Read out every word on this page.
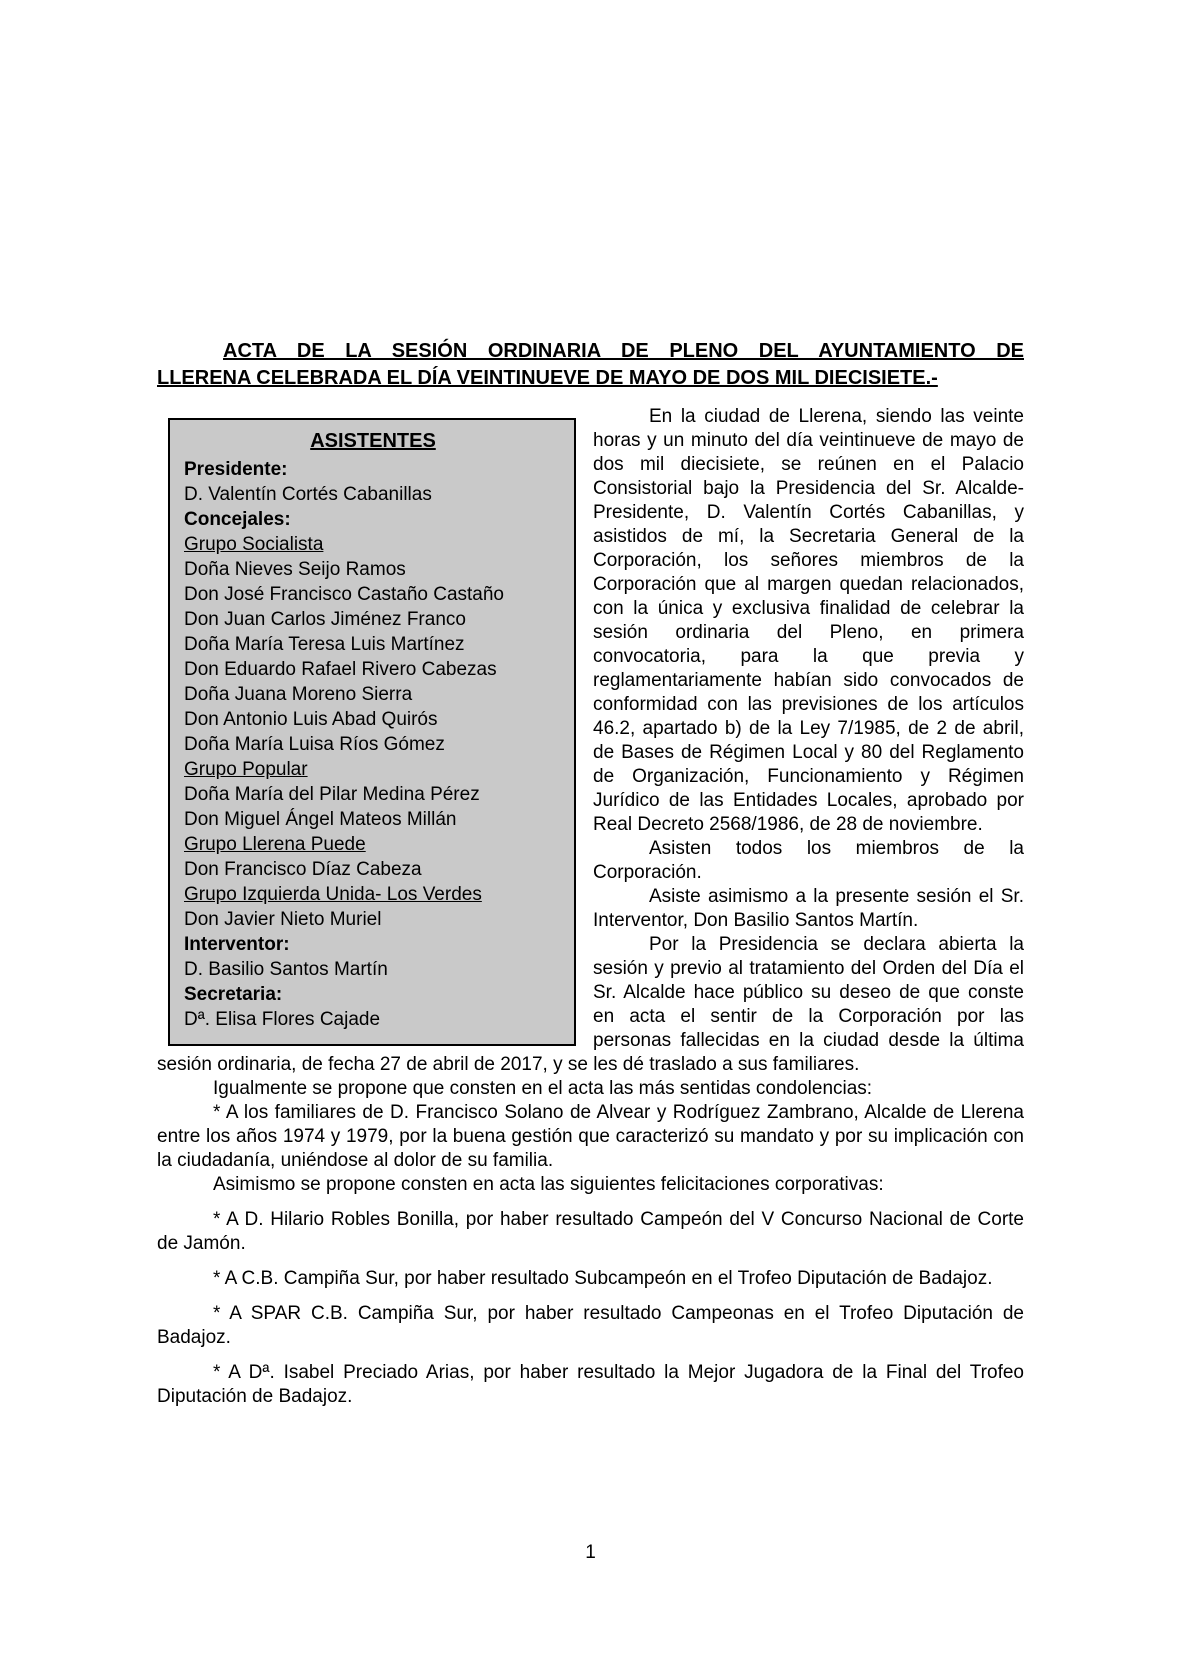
ACTA DE LA SESIÓN ORDINARIA DE PLENO DEL AYUNTAMIENTO DE
LLERENA CELEBRADA EL DÍA VEINTINUEVE DE MAYO DE DOS MIL DIECISIETE.-
ASISTENTES
Presidente:
D. Valentín Cortés Cabanillas
Concejales:
Grupo Socialista
Doña Nieves Seijo Ramos
Don José Francisco Castaño Castaño
Don Juan Carlos Jiménez Franco
Doña María Teresa Luis Martínez
Don Eduardo Rafael Rivero Cabezas
Doña Juana Moreno Sierra
Don Antonio Luis Abad Quirós
Doña María Luisa Ríos Gómez
Grupo Popular
Doña María del Pilar Medina Pérez
Don Miguel Ángel Mateos Millán
Grupo Llerena Puede
Don Francisco Díaz Cabeza
Grupo Izquierda Unida- Los Verdes
Don Javier Nieto Muriel
Interventor:
D. Basilio Santos Martín
Secretaria:
Dª. Elisa Flores Cajade

En la ciudad de Llerena, siendo las veinte horas y un minuto del día veintinueve de mayo de dos mil diecisiete, se reúnen en el Palacio Consistorial bajo la Presidencia del Sr. Alcalde-Presidente, D. Valentín Cortés Cabanillas, y asistidos de mí, la Secretaria General de la Corporación, los señores miembros de la Corporación que al margen quedan relacionados, con la única y exclusiva finalidad de celebrar la sesión ordinaria del Pleno, en primera convocatoria, para la que previa y reglamentariamente habían sido convocados de conformidad con las previsiones de los artículos 46.2, apartado b) de la Ley 7/1985, de 2 de abril, de Bases de Régimen Local y 80 del Reglamento de Organización, Funcionamiento y Régimen Jurídico de las Entidades Locales, aprobado por Real Decreto 2568/1986, de 28 de noviembre.

Asisten todos los miembros de la Corporación.

Asiste asimismo a la presente sesión el Sr. Interventor, Don Basilio Santos Martín.

Por la Presidencia se declara abierta la sesión y previo al tratamiento del Orden del Día el Sr. Alcalde hace público su deseo de que conste en acta el sentir de la Corporación por las personas fallecidas en la ciudad desde la última sesión ordinaria, de fecha 27 de abril de 2017, y se les dé traslado a sus familiares.

Igualmente se propone que consten en el acta las más sentidas condolencias:

* A los familiares de D. Francisco Solano de Alvear y Rodríguez Zambrano, Alcalde de Llerena entre los años 1974 y 1979, por la buena gestión que caracterizó su mandato y por su implicación con la ciudadanía, uniéndose al dolor de su familia.

Asimismo se propone consten en acta las siguientes felicitaciones corporativas:

* A D. Hilario Robles Bonilla, por haber resultado Campeón del V Concurso Nacional de Corte de Jamón.

* A C.B. Campiña Sur, por haber resultado Subcampeón en el Trofeo Diputación de Badajoz.

* A SPAR C.B. Campiña Sur, por haber resultado Campeonas en el Trofeo Diputación de Badajoz.

* A Dª. Isabel Preciado Arias, por haber resultado la Mejor Jugadora de la Final del Trofeo Diputación de Badajoz.

1
